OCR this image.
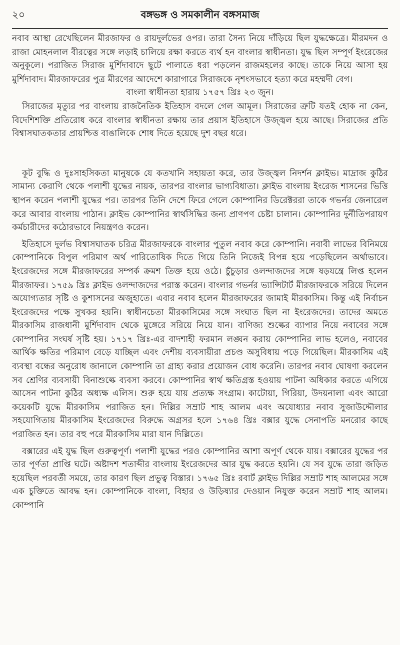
২০	বঙ্গভঙ্গ ও সমকালীন বঙ্গসমাজ

নবাব আস্থা রেখেছিলেন মীরজাফর ও রায়দুর্লভের ওপর। তারা সৈন্য নিয়ে দাঁড়িয়ে ছিল যুদ্ধক্ষেত্রে। মীরমদন ও রাজা মোহনলাল বীরত্বের সঙ্গে লড়াই চালিয়ে রক্ষা করতে ব্যর্থ হন বাংলার স্বাধীনতা। যুদ্ধ ছিল সম্পূর্ণ ইংরেজের অনুকূলে। পরাজিত সিরাজ মুর্শিদাবাদে ছুটে পালাতে ধরা পড়লেন রাজমহলের কাছে। তাকে নিয়ে আসা হয় মুর্শিদাবাদ। মীরজাফরের পুত্র মীরণের আদেশে কারাগারে সিরাজকে নৃশংসভাবে হত্যা করে মহম্মদী বেগ।

বাংলা স্বাধীনতা হারায় ১৭৫৭ খ্রিঃ ২৩ জুন।

সিরাজের মৃত্যুর পর বাংলায় রাজনৈতিক ইতিহাস বদলে গেল আমূল। সিরাজের ত্রুটি যতই হোক না কেন, বিদেশিশক্তি প্রতিরোধ করে বাংলার স্বাধীনতা রক্ষায় তার প্রয়াস ইতিহাসে উজ্জ্বল হয়ে আছে। সিরাজের প্রতি বিশ্বাসঘাতকতার প্রায়শ্চিত্ত বাঙালিকে শোধ দিতে হয়েছে দুশ বছর ধরে।

কূট বুদ্ধি ও দুঃসাহসিকতা মানুষকে যে কতখানি সহায়তা করে, তার উজ্জ্বল নিদর্শন ক্লাইভ। মাদ্রাজ কুঠির সামান্য কেরাণি থেকে পলাশী যুদ্ধের নায়ক, তারপর বাংলার ভাগ্যবিধাতা। ক্লাইভ বাংলায় ইংরেজ শাসনের ভিত্তি স্থাপন করেন পলাশী যুদ্ধের পর। তারপর তিনি দেশে ফিরে গেলে কোম্পানির ডিরেক্টররা তাকে গভর্নর জেনারেল করে আবার বাংলায় পাঠান। ক্লাইভ কোম্পানির স্বার্থসিদ্ধির জন্য প্রাণপণ চেষ্টা চালান। কোম্পানির দুর্নীতিপরায়ণ কর্মচারীদের কঠোরভাবে নিয়ন্ত্রণও করেন।

ইতিহাসে দুর্লভ বিশ্বাসঘাতক চরিত্র মীরজাফরকে বাংলার পুতুল নবাব করে কোম্পানি। নবাবী লাভের বিনিময়ে কোম্পানিকে বিপুল পরিমাণ অর্থ পারিতোষিক দিতে গিয়ে তিনি নিজেই বিপন্ন হয়ে পড়েছিলেন অর্থাভাবে। ইংরেজদের সঙ্গে মীরজাফরের সম্পর্ক ক্রমশ তিক্ত হয়ে ওঠে। চুঁচুড়ার ওলন্দাজদের সঙ্গে ষড়যন্ত্রে লিপ্ত হলেন মীরজাফর। ১৭৫৯ খ্রিঃ ক্লাইভ ওলন্দাজদের পরাস্ত করেন। বাংলার গভর্নর ভ্যান্সিটার্ট মীরজাফরকে সরিয়ে দিলেন অযোগ্যতার সৃষ্টি ও কুশাসনের অজুহাতে। এবার নবাব হলেন মীরজাফরের জামাই মীরকাসিম। কিন্তু এই নির্বাচন ইংরেজদের পক্ষে সুখকর হয়নি। স্বাধীনচেতা মীরকাসিমের সঙ্গে সংঘাত ছিল না ইংরেজদের। তাদের অমতে মীরকাসিম রাজধানী মুর্শিদাবাদ থেকে মুঙ্গেরে সরিয়ে নিয়ে যান। বাণিজ্য শুল্কের ব্যাপার নিয়ে নবাবের সঙ্গে কোম্পানির সংঘর্ষ সৃষ্টি হয়। ১৭১৭ খ্রিঃ-এর বাদশাহী ফরমান লঙ্ঘন করায় কোম্পানির লাভ হলেও, নবাবের আর্থিক ক্ষতির পরিমাণ বেড়ে যাচ্ছিল এবং দেশীয় ব্যবসায়ীরা প্রচণ্ড অসুবিধায় পড়ে গিয়েছিল। মীরকাসিম এই ব্যবস্থা বন্ধের অনুরোধ জানালে কোম্পানি তা গ্রাহ্য করার প্রয়োজন বোধ করেনি। তারপর নবাব ঘোষণা করলেন সব শ্রেণির ব্যবসায়ী বিনাশুল্কে ব্যবসা করবে। কোম্পানির স্বার্থ ক্ষতিগ্রস্ত হওয়ায় পাটনা অধিকার করতে এগিয়ে আসেন পাটনা কুঠির অধ্যক্ষ এলিস। শুরু হয়ে যায় প্রত্যক্ষ সংগ্রাম। কাটোয়া, গিরিয়া, উদয়নালা এবং আরো কয়েকটি যুদ্ধে মীরকাসিম পরাজিত হন। দিল্লির সম্রাট শাহ আলম এবং অযোধ্যার নবাব সুজাউদ্দৌলার সহযোগিতায় মীরকাসিম ইংরেজদের বিরুদ্ধে অগ্রসর হলে ১৭৬৪ খ্রিঃ বক্সার যুদ্ধে সেনাপতি মনরোর কাছে পরাজিত হন। তার বহু পরে মীরকাসিম মারা যান দিল্লিতে।

বক্সারের এই যুদ্ধ ছিল গুরুত্বপূর্ণ। পলাশী যুদ্ধের পরও কোম্পানির আশা অপূর্ণ থেকে যায়। বক্সারের যুদ্ধের পর তার পূর্ণতা প্রাপ্তি ঘটে। অষ্টাদশ শতাব্দীর বাংলায় ইংরেজদের আর যুদ্ধ করতে হয়নি। যে সব যুদ্ধে তারা জড়িত হয়েছিল পরবর্তী সময়ে, তার কারণ ছিল প্রভুত্ব বিস্তার। ১৭৬৫ খ্রিঃ রবার্ট ক্লাইভ দিল্লির সম্রাট শাহ আলমের সঙ্গে এক চুক্তিতে আবদ্ধ হন। কোম্পানিকে বাংলা, বিহার ও উড়িষ্যার দেওয়ান নিযুক্ত করেন সম্রাট শাহ আলম। কোম্পানি
